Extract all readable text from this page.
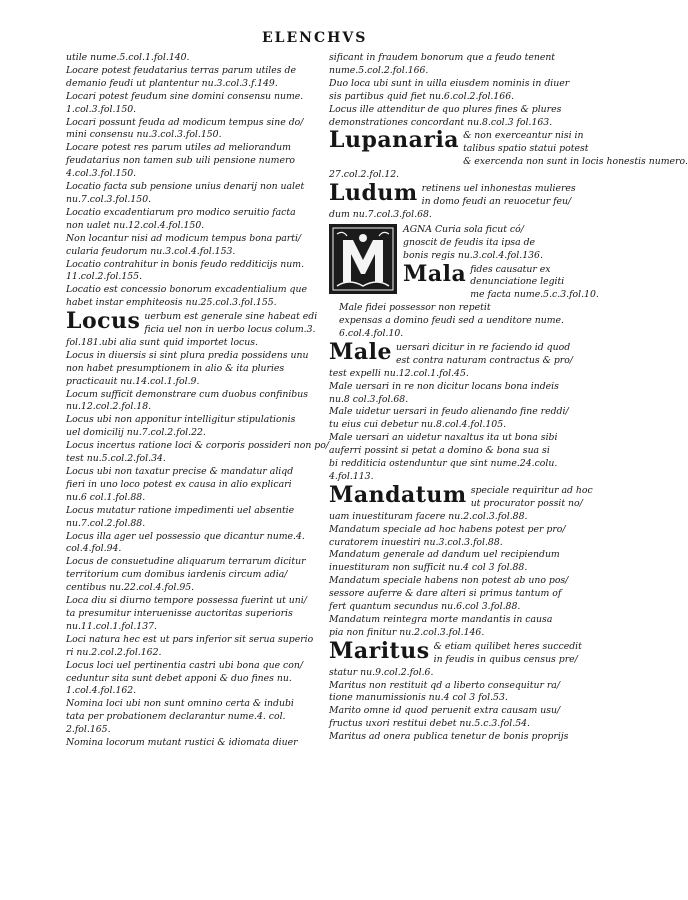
ELENCHVS
utile nume.5.col.1.fol.140.
Locare potest feudatarius terras parum utiles de
demanio feudi ut plantentur nu.3.col.3.f.149.
Locari potest feudum sine domini consensu nume.
1.col.3.fol.150.
Locari possunt feuda ad modicum tempus sine do/
mini consensu nu.3.col.3.fol.150.
Locare potest res parum utiles ad meliorandum
feudatarius non tamen sub uili pensione numero
4.col.3.fol.150.
Locatio facta sub pensione unius denarij non ualet
nu.7.col.3.fol.150.
Locatio excadentiarum pro modico seruitio facta
non ualet nu.12.col.4.fol.150.
Non locantur nisi ad modicum tempus bona parti/
cularia feudorum nu.3.col.4.fol.153.
Locatio contrahitur in bonis feudo redditicijs num.
11.col.2.fol.155.
Locatio est concessio bonorum excadentialium que
habet instar emphiteosis nu.25.col.3.fol.155.
Locus uerbum est generale sine habeat edi
ficia uel non in uerbo locus colum.3.
fol.181.ubi alia sunt quid importet locus.
Locus in diuersis si sint plura predia possidens unu
non habet presumptionem in alio & ita pluries
practicauit nu.14.col.1.fol.9.
Locum sufficit demonstrare cum duobus confinibus
nu.12.col.2.fol.18.
Locus ubi non apponitur intelligitur stipulationis
uel domicilij nu.7.col.2.fol.22.
Locus incertus ratione loci & corporis possideri non po/
test nu.5.col.2.fol.34.
Locus ubi non taxatur precise & mandatur aliqd
fieri in uno loco potest ex causa in alio explicari
nu.6 col.1.fol.88.
Locus mutatur ratione impedimenti uel absentie
nu.7.col.2.fol.88.
Locus illa ager uel possessio que dicantur nume.4.
col.4.fol.94.
Locus de consuetudine aliquarum terrarum dicitur
territorium cum domibus iardenis circum adia/
centibus nu.22.col.4.fol.95.
Loca diu si diurno tempore possessa fuerint ut uni/
ta presumitur interuenisse auctoritas superioris
nu.11.col.1.fol.137.
Loci natura hec est ut pars inferior sit serua superio
ri nu.2.col.2.fol.162.
Locus loci uel pertinentia castri ubi bona que con/
ceduntur sita sunt debet apponi & duo fines nu.
1.col.4.fol.162.
Nomina loci ubi non sunt omnino certa & indubi
tata per probationem declarantur nume.4. col.
2.fol.165.
Nomina locorum mutant rustici & idiomata diuer
sificant in fraudem bonorum que a feudo tenent
nume.5.col.2.fol.166.
Duo loca ubi sunt in uilla eiusdem nominis in diuer
sis partibus quid fiet nu.6.col.2.fol.166.
Locus ille attenditur de quo plures fines & plures
demonstrationes concordant nu.8.col.3 fol.163.
Lupanaria & non exerceantur nisi in
talibus spatio statui potest
& exercenda non sunt in locis honestis numero.
27.col.2.fol.12.
Ludum retinens uel inhonestas mulieres
in domo feudi an reuocetur feu/
dum nu.7.col.3.fol.68.
AGNA Curia sola ficut có/
gnoscit de feudis ita ipsa de
bonis regis nu.3.col.4.fol.136.
Mala fides causatur ex
denunciatione legiti
me facta nume.5.c.3.fol.10.
Male fidei possessor non repetit
expensas a domino feudi sed a uenditore nume.
6.col.4.fol.10.
Male uersari dicitur in re faciendo id quod
est contra naturam contractus & pro/
test expelli nu.12.col.1.fol.45.
Male uersari in re non dicitur locans bona indeis
nu.8 col.3.fol.68.
Male uidetur uersari in feudo alienando fine reddi/
tu eius cui debetur nu.8.col.4.fol.105.
Male uersari an uidetur naxaltus ita ut bona sibi
auferri possint si petat a domino & bona sua si
bi redditicia ostenduntur que sint nume.24.colu.
4.fol.113.
Mandatum speciale requiritur ad hoc
ut procurator possit no/
uam inuestituram facere nu.2.col.3.fol.88.
Mandatum speciale ad hoc habens potest per pro/
curatorem inuestiri nu.3.col.3.fol.88.
Mandatum generale ad dandum uel recipiendum
inuestituram non sufficit nu.4 col 3 fol.88.
Mandatum speciale habens non potest ab uno pos/
sessore auferre & dare alteri si primus tantum of
fert quantum secundus nu.6.col 3.fol.88.
Mandatum reintegra morte mandantis in causa
pia non finitur nu.2.col.3.fol.146.
Maritus & etiam quilibet heres succedit
in feudis in quibus census pre/
statur nu.9.col.2.fol.6.
Maritus non restituit qd a liberto consequitur ra/
tione manumissionis nu.4 col 3 fol.53.
Marito omne id quod peruenit extra causam usu/
fructus uxori restitui debet nu.5.c.3.fol.54.
Maritus ad onera publica tenetur de bonis proprijs
